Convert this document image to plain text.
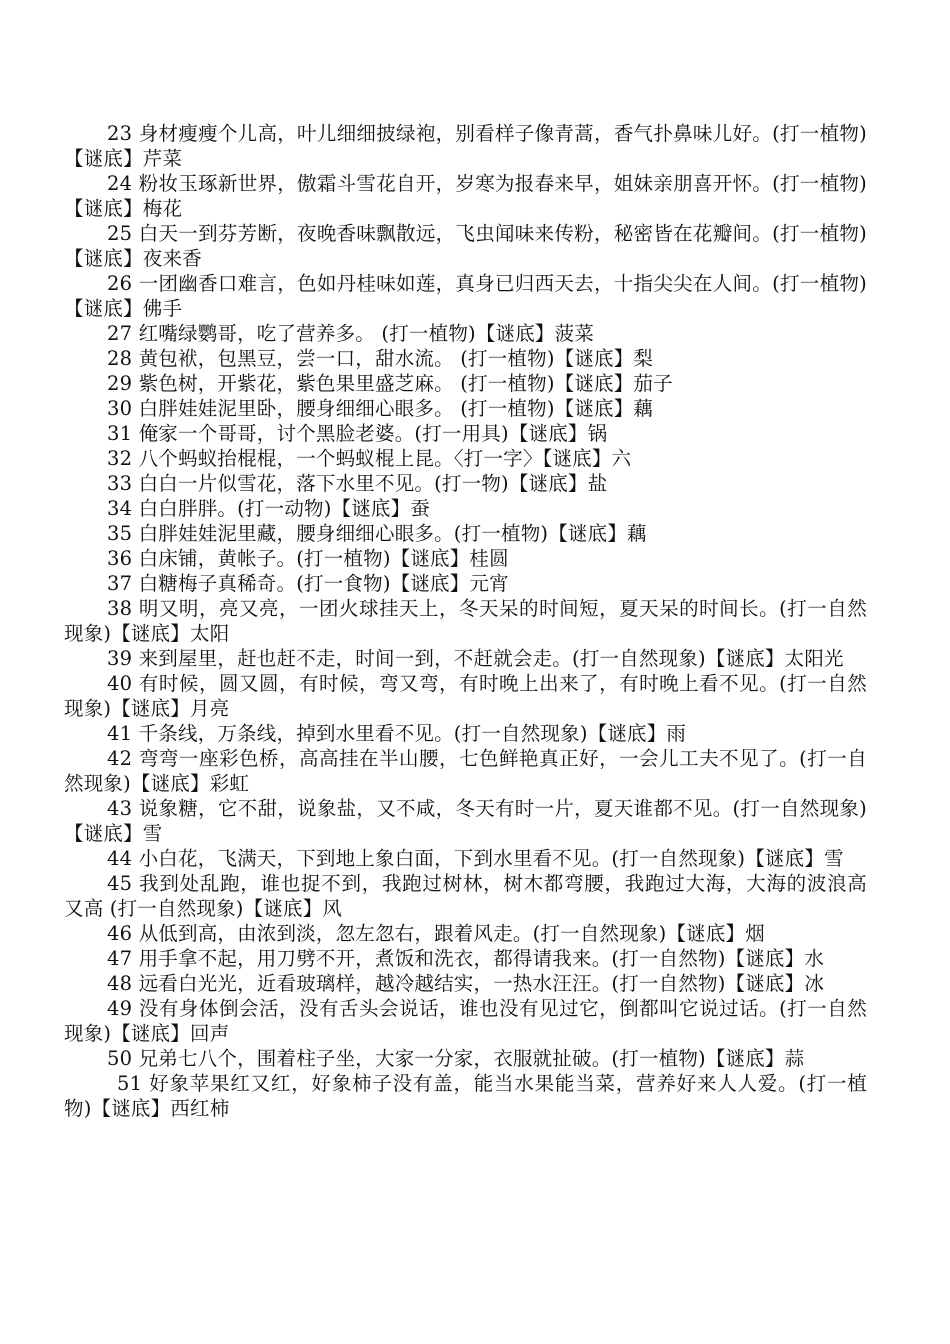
23 身材瘦瘦个儿高，叶儿细细披绿袍，别看样子像青蒿，香气扑鼻味儿好。(打一植物)【谜底】芹菜

24 粉妆玉琢新世界，傲霜斗雪花自开，岁寒为报春来早，姐妹亲朋喜开怀。(打一植物)【谜底】梅花

25 白天一到芬芳断，夜晚香味飘散远，飞虫闻味来传粉，秘密皆在花瓣间。(打一植物)【谜底】夜来香

26 一团幽香口难言，色如丹桂味如莲，真身已归西天去，十指尖尖在人间。(打一植物)【谜底】佛手

27 红嘴绿鹦哥，吃了营养多。 (打一植物)【谜底】菠菜

28 黄包袱，包黑豆，尝一口，甜水流。 (打一植物)【谜底】梨

29 紫色树，开紫花，紫色果里盛芝麻。 (打一植物)【谜底】茄子

30 白胖娃娃泥里卧，腰身细细心眼多。 (打一植物)【谜底】藕

31 俺家一个哥哥，讨个黑脸老婆。(打一用具)【谜底】锅

32 八个蚂蚁抬棍棍，一个蚂蚁棍上昆。〈打一字〉【谜底】六

33 白白一片似雪花，落下水里不见。(打一物)【谜底】盐

34 白白胖胖。(打一动物)【谜底】蚕

35 白胖娃娃泥里藏，腰身细细心眼多。(打一植物)【谜底】藕

36 白床铺，黄帐子。(打一植物)【谜底】桂圆

37 白糖梅子真稀奇。(打一食物)【谜底】元宵

38 明又明，亮又亮，一团火球挂天上，冬天呆的时间短，夏天呆的时间长。(打一自然现象)【谜底】太阳

39 来到屋里，赶也赶不走，时间一到，不赶就会走。(打一自然现象)【谜底】太阳光

40 有时候，圆又圆，有时候，弯又弯，有时晚上出来了，有时晚上看不见。(打一自然现象)【谜底】月亮

41 千条线，万条线，掉到水里看不见。(打一自然现象)【谜底】雨

42 弯弯一座彩色桥，高高挂在半山腰，七色鲜艳真正好，一会儿工夫不见了。(打一自然现象)【谜底】彩虹

43 说象糖，它不甜，说象盐，又不咸，冬天有时一片，夏天谁都不见。(打一自然现象)【谜底】雪

44 小白花，飞满天，下到地上象白面，下到水里看不见。(打一自然现象)【谜底】雪

45 我到处乱跑，谁也捉不到，我跑过树林，树木都弯腰，我跑过大海，大海的波浪高又高 (打一自然现象)【谜底】风

46 从低到高，由浓到淡，忽左忽右，跟着风走。(打一自然现象)【谜底】烟

47 用手拿不起，用刀劈不开，煮饭和洗衣，都得请我来。(打一自然物)【谜底】水

48 远看白光光，近看玻璃样，越冷越结实，一热水汪汪。(打一自然物)【谜底】冰

49 没有身体倒会活，没有舌头会说话，谁也没有见过它，倒都叫它说过话。(打一自然现象)【谜底】回声

50 兄弟七八个，围着柱子坐，大家一分家，衣服就扯破。(打一植物)【谜底】蒜

51 好象苹果红又红，好象柿子没有盖，能当水果能当菜，营养好来人人爱。(打一植物)【谜底】西红柿
